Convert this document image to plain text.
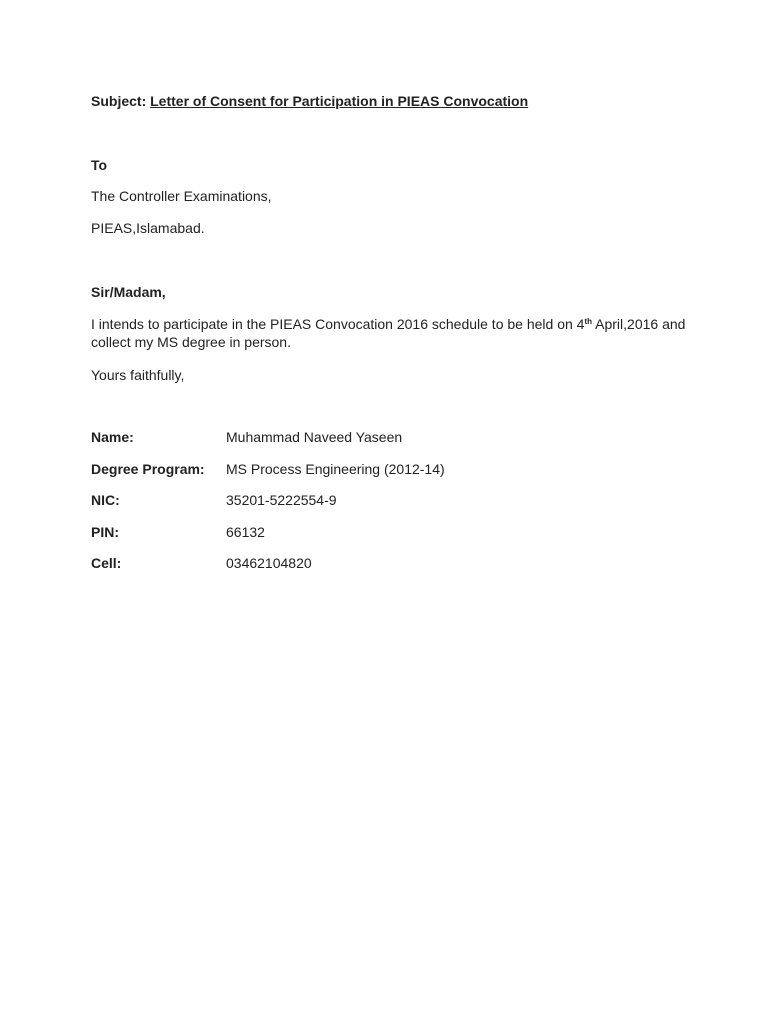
Subject: Letter of Consent for Participation in PIEAS Convocation
To
The Controller Examinations,
PIEAS,Islamabad.
Sir/Madam,
I intends to participate in the PIEAS Convocation 2016 schedule to be held on 4th April,2016 and collect my MS degree in person.
Yours faithfully,
Name:	Muhammad Naveed Yaseen
Degree Program: MS Process Engineering (2012-14)
NIC:	35201-5222554-9
PIN:	66132
Cell:	03462104820
